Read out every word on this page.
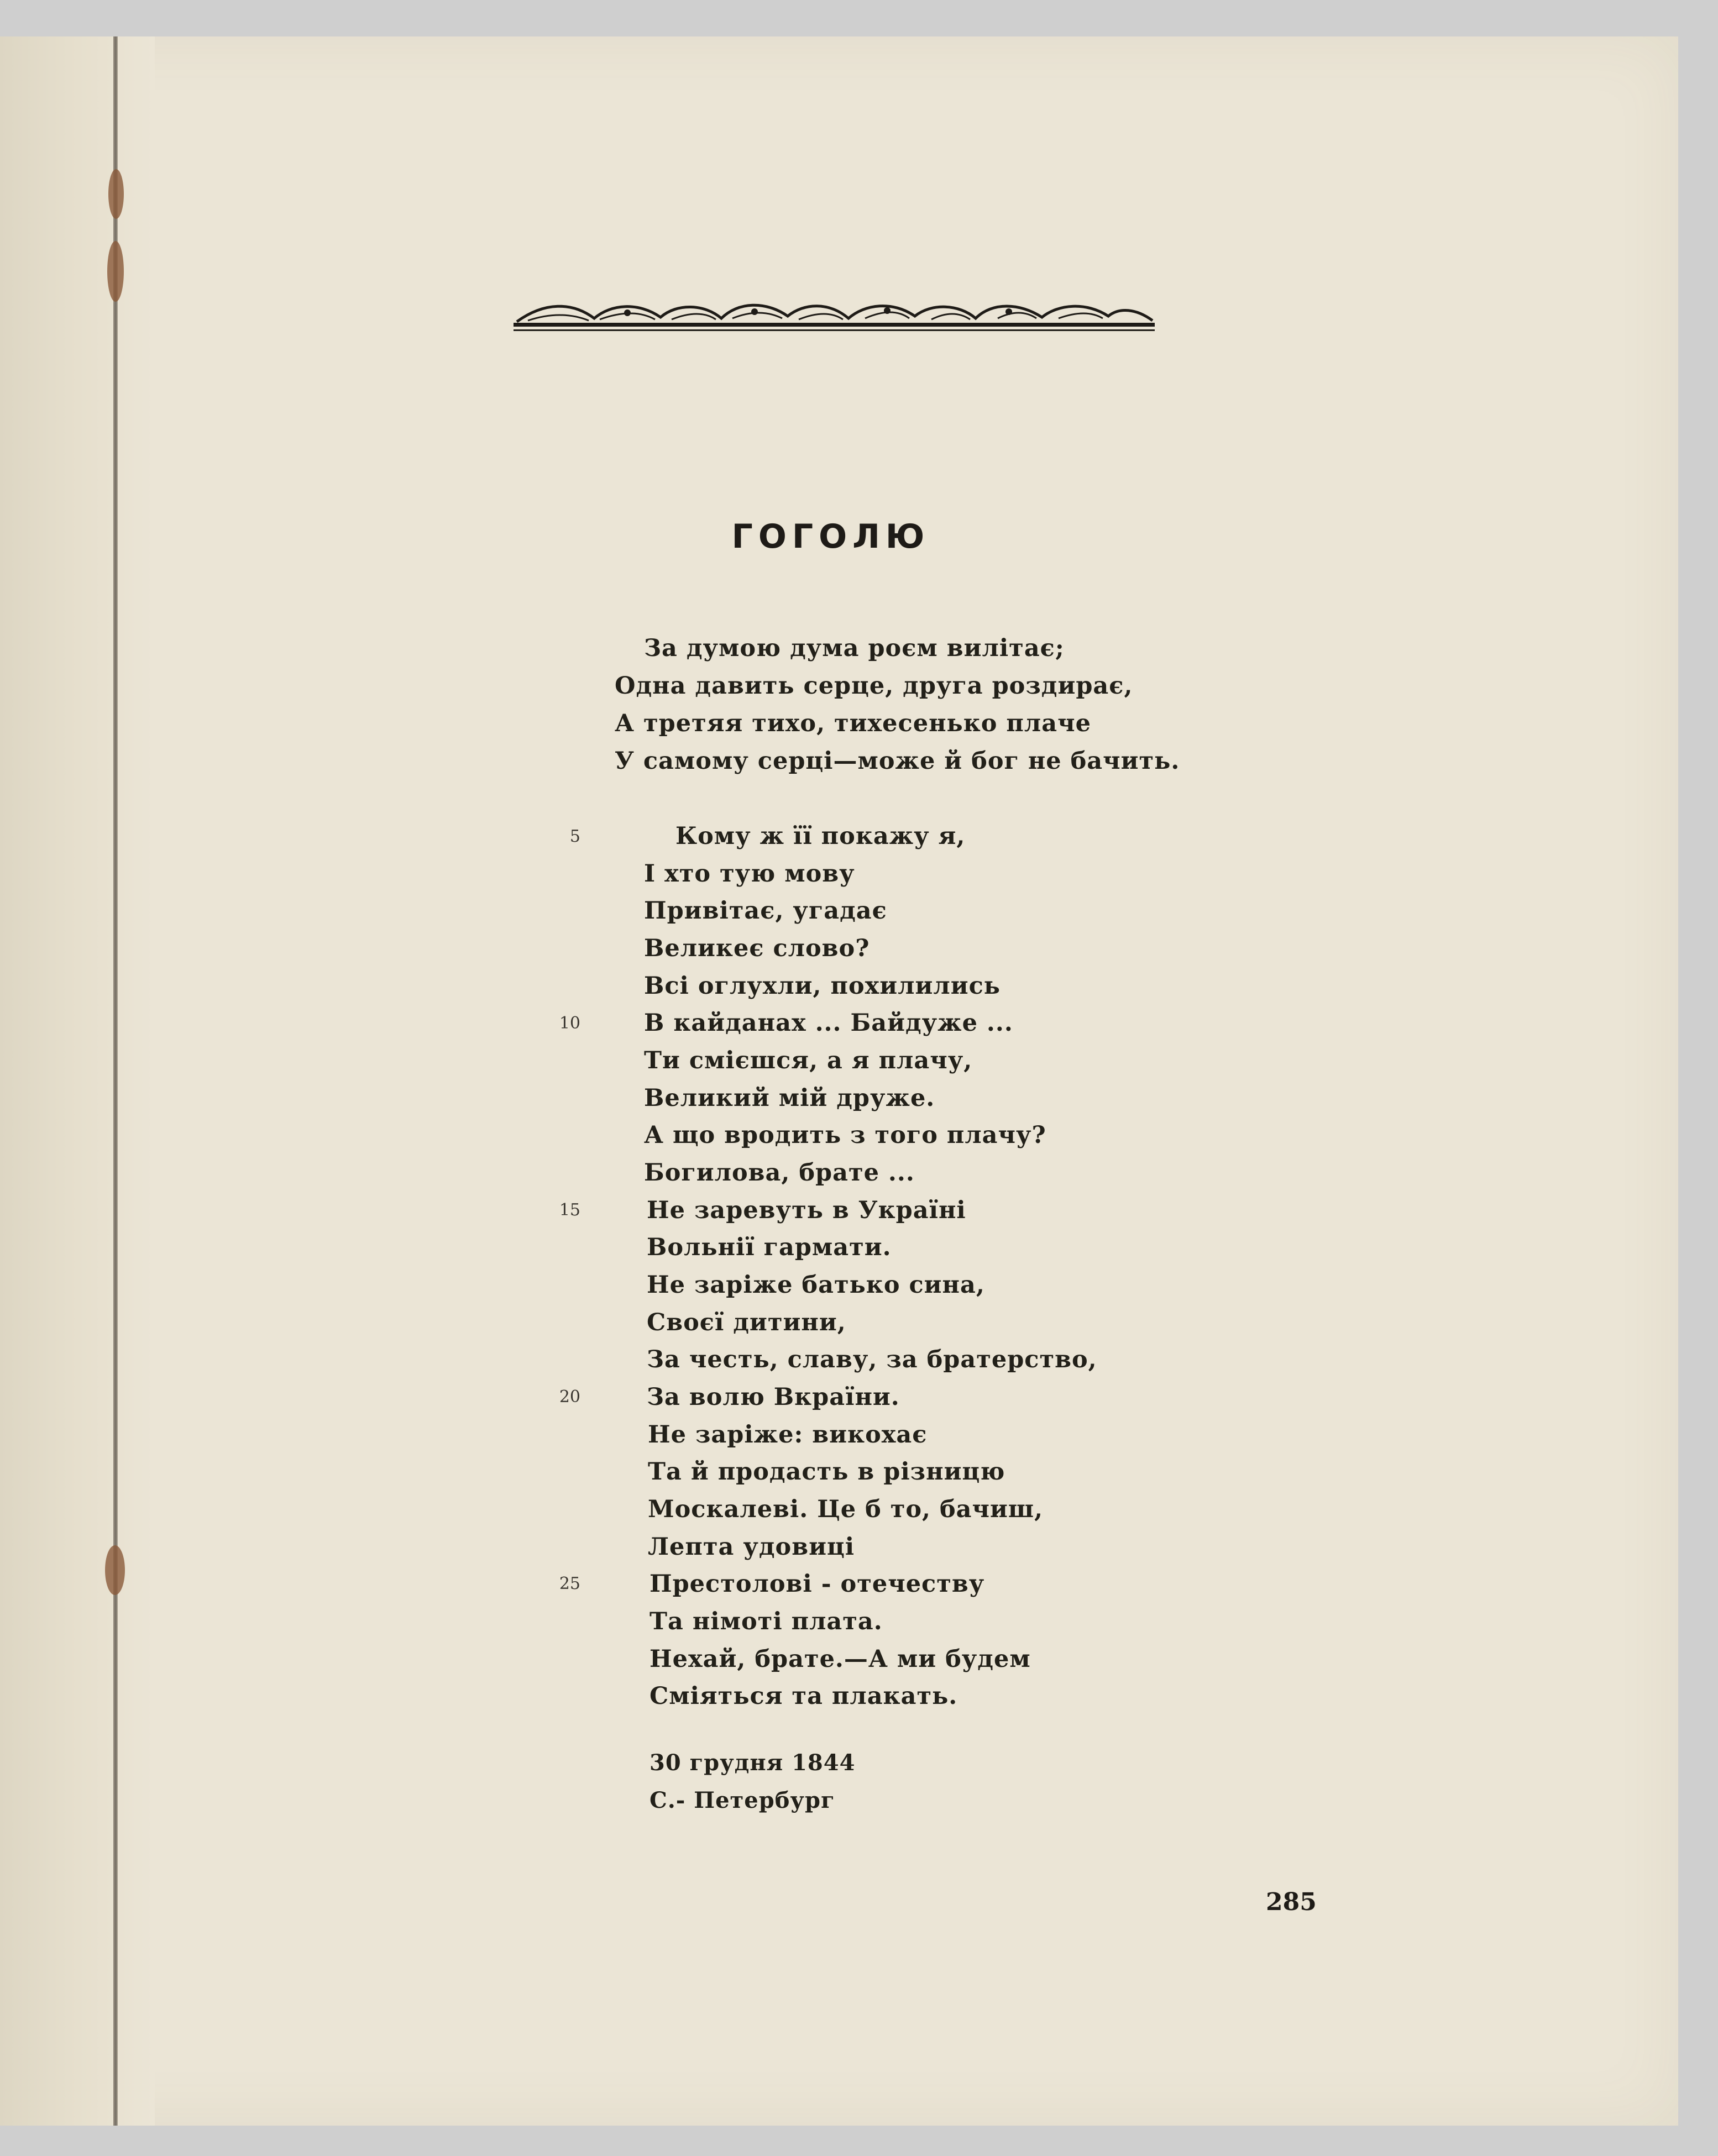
ГОГОЛЮ
За думою дума роєм вилітає;
Одна давить серце, друга роздирає,
А третяя тихо, тихесенько плаче
У самому серці—може й бог не бачить.
Кому ж її покажу я,
І хто тую мову
Привітає, угадає
Великеє слово?
Всі оглухли, похилились
В кайданах ... Байдуже ...
Ти смієшся, а я плачу,
Великий мій друже.
А що вродить з того плачу?
Богилова, брате ...
Не заревуть в Україні
Вольнії гармати.
Не заріже батько сина,
Своєї дитини,
За честь, славу, за братерство,
За волю Вкраїни.
Не заріже: викохає
Та й продасть в різницю
Москалеві. Це б то, бачиш,
Лепта удовиці
Престолові - отечеству
Та німоті плата.
Нехай, брате.—А ми будем
Сміяться та плакать.
5
10
15
20
25
30 грудня 1844
С.- Петербург
285
